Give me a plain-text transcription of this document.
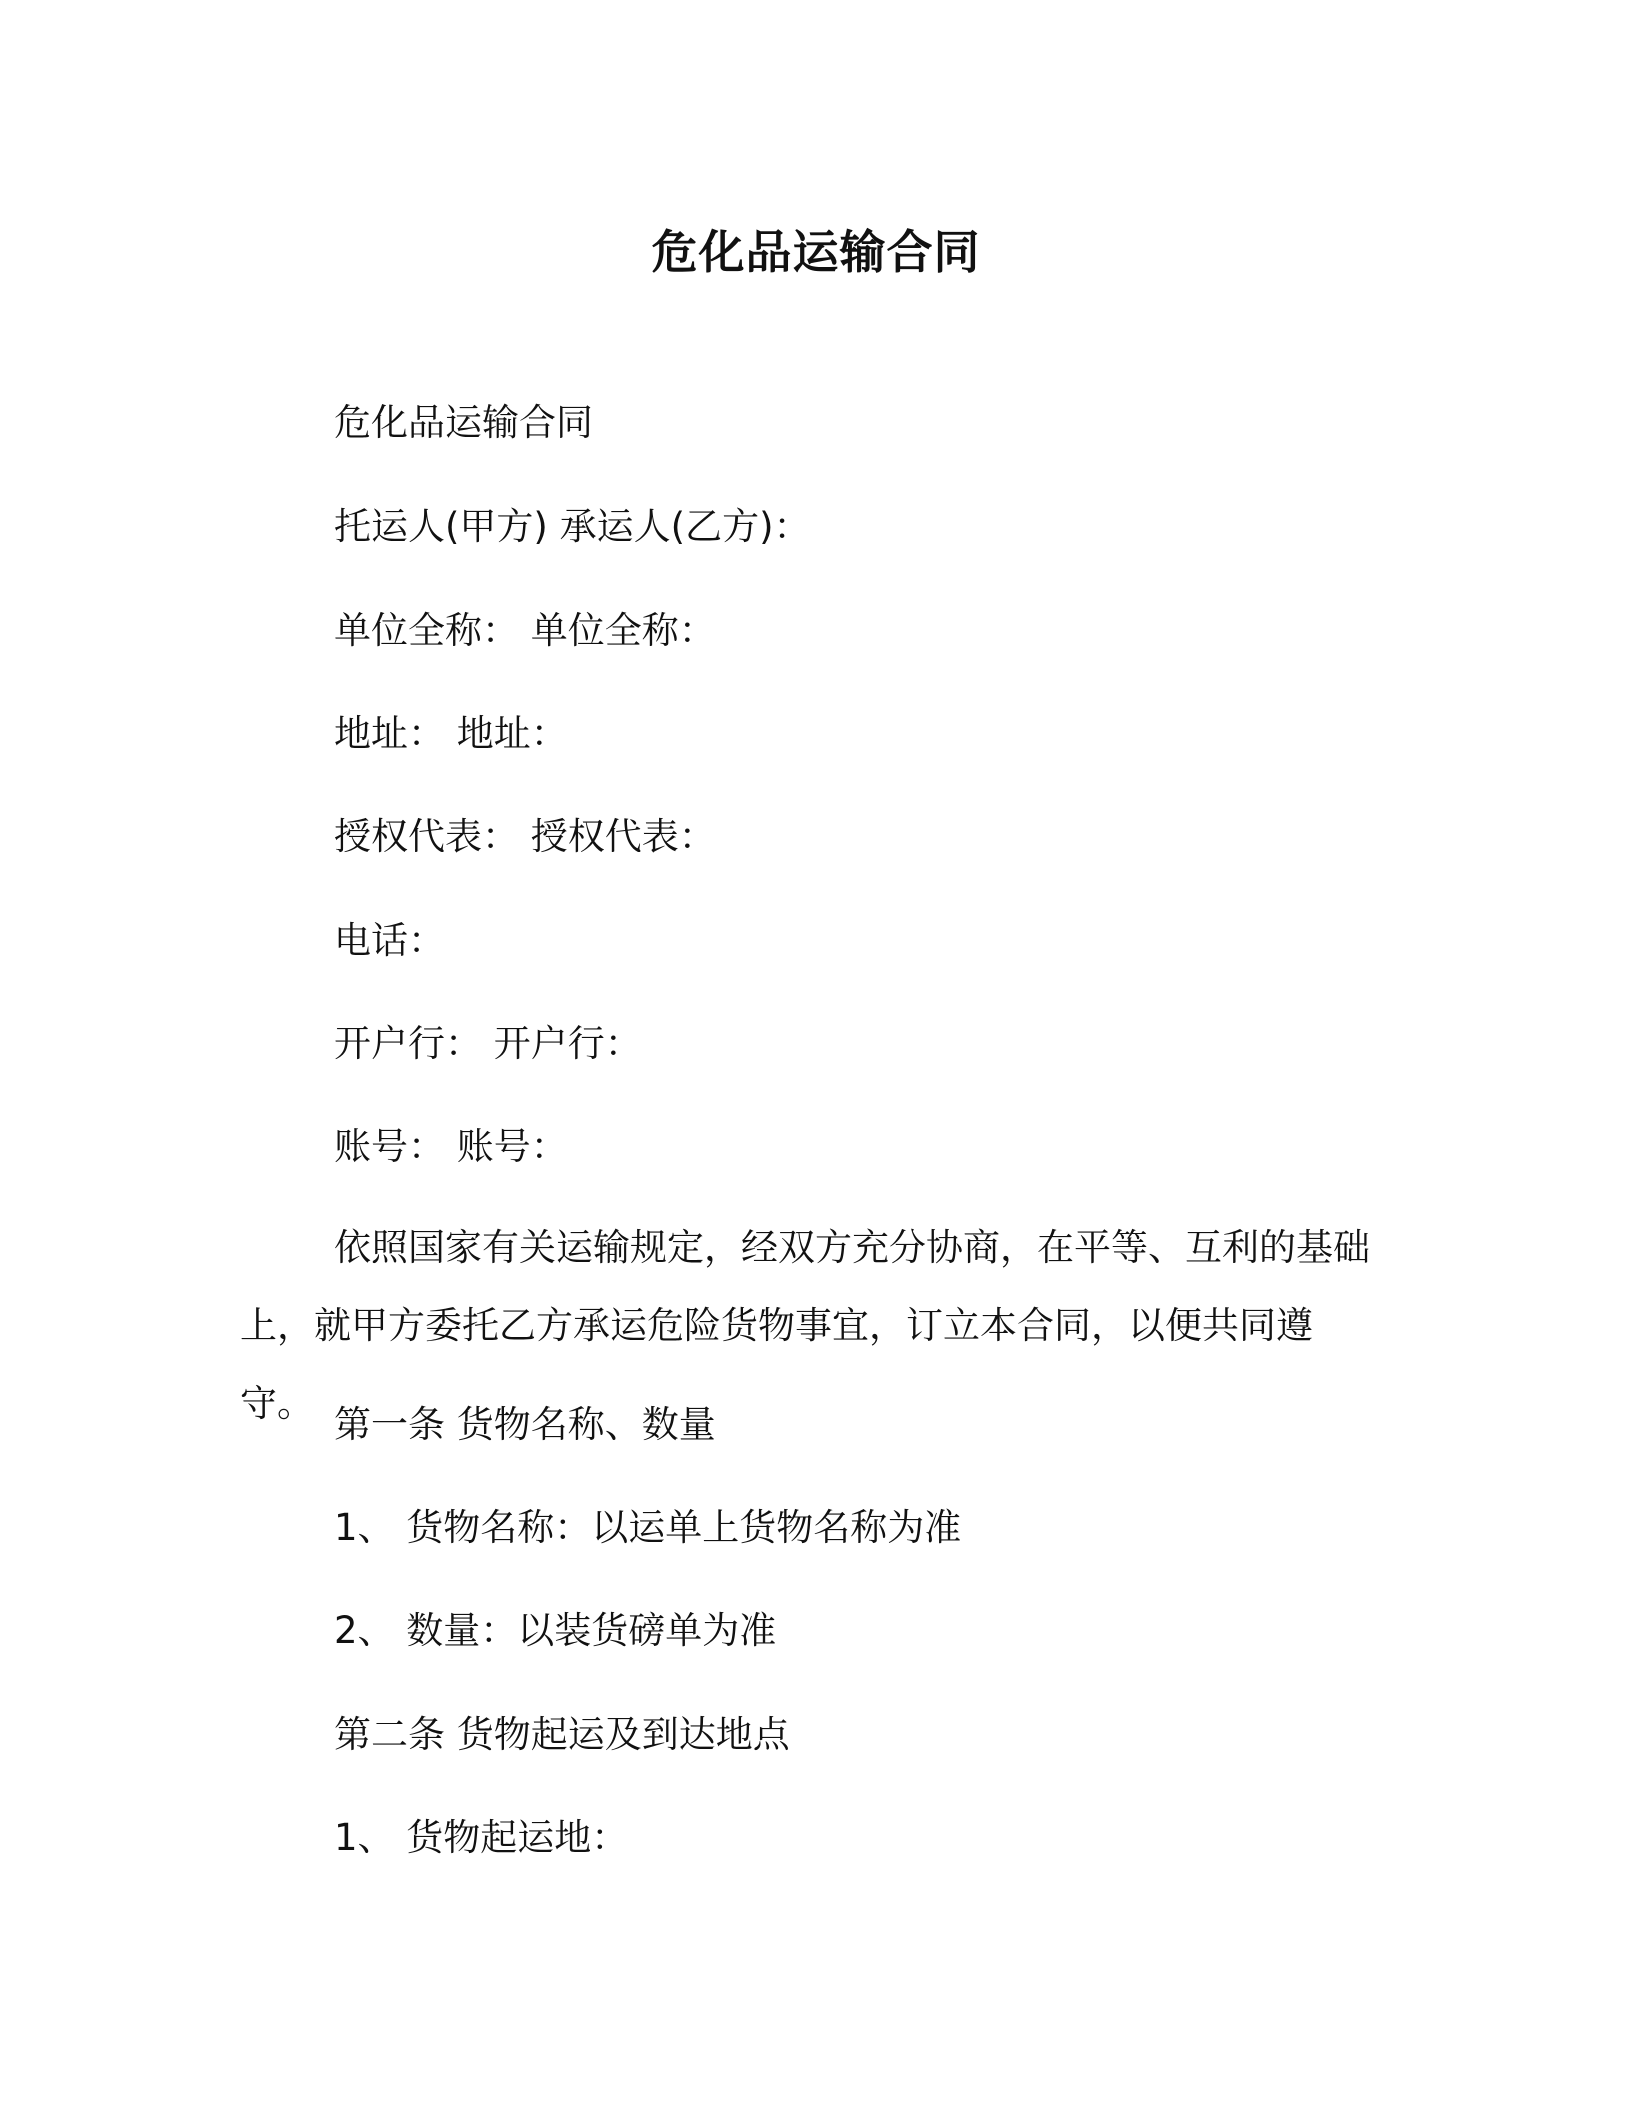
危化品运输合同
危化品运输合同
托运人(甲方) 承运人(乙方)：
单位全称： 单位全称：
地址： 地址：
授权代表： 授权代表：
电话：
开户行： 开户行：
账号： 账号：
依照国家有关运输规定，经双方充分协商，在平等、互利的基础上，就甲方委托乙方承运危险货物事宜，订立本合同，以便共同遵守。 第一条 货物名称、数量
1、 货物名称：以运单上货物名称为准
2、 数量：以装货磅单为准
第二条 货物起运及到达地点
1、 货物起运地：
